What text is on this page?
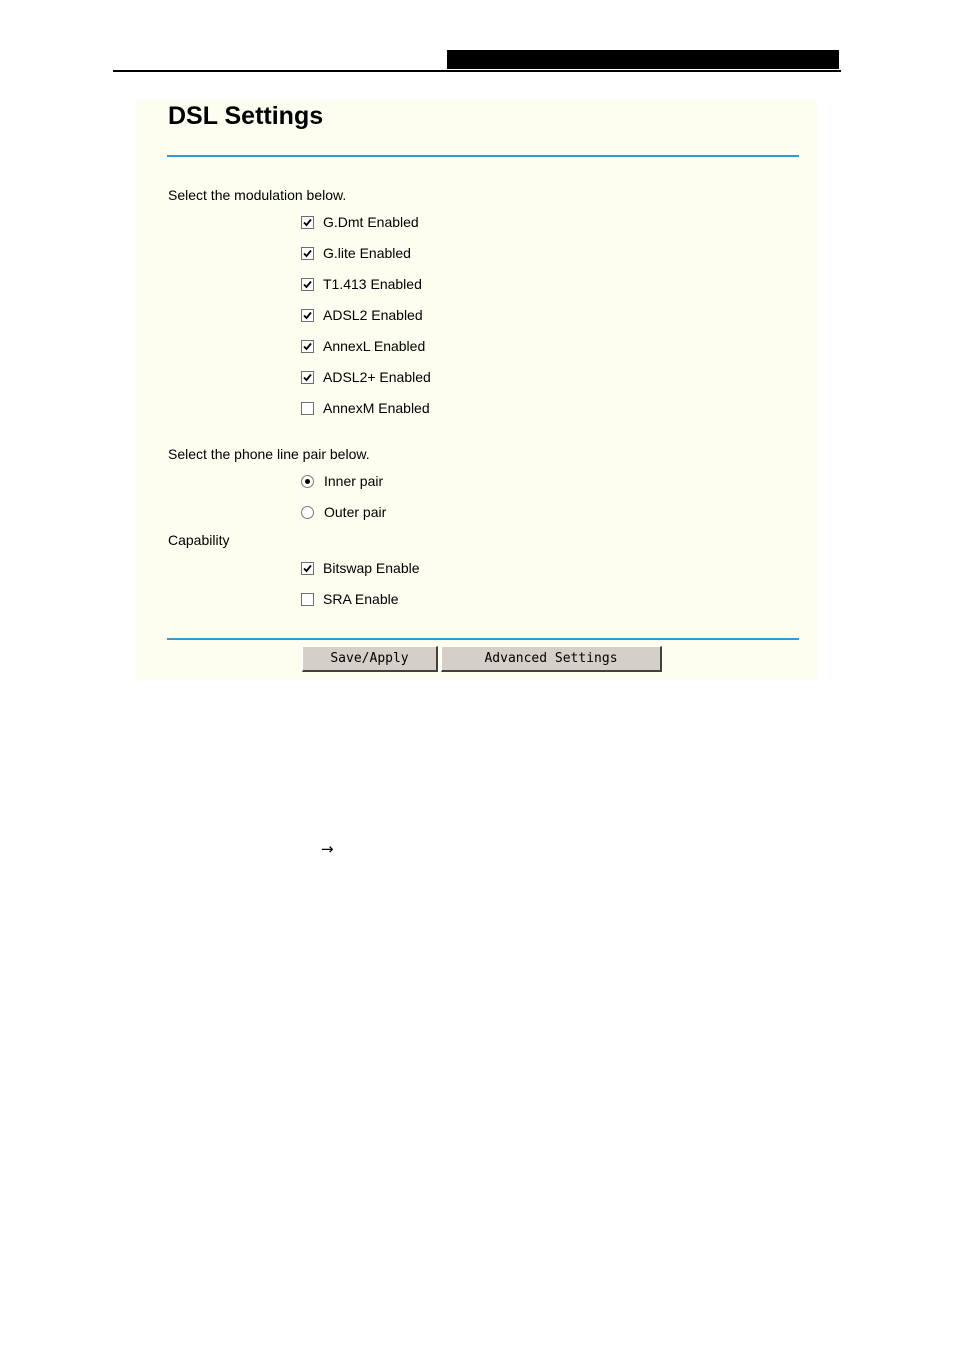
DSL Settings
Select the modulation below.
G.Dmt Enabled
G.lite Enabled
T1.413 Enabled
ADSL2 Enabled
AnnexL Enabled
ADSL2+ Enabled
AnnexM Enabled
Select the phone line pair below.
Inner pair
Outer pair
Capability
Bitswap Enable
SRA Enable
Save/Apply	Advanced Settings
→
